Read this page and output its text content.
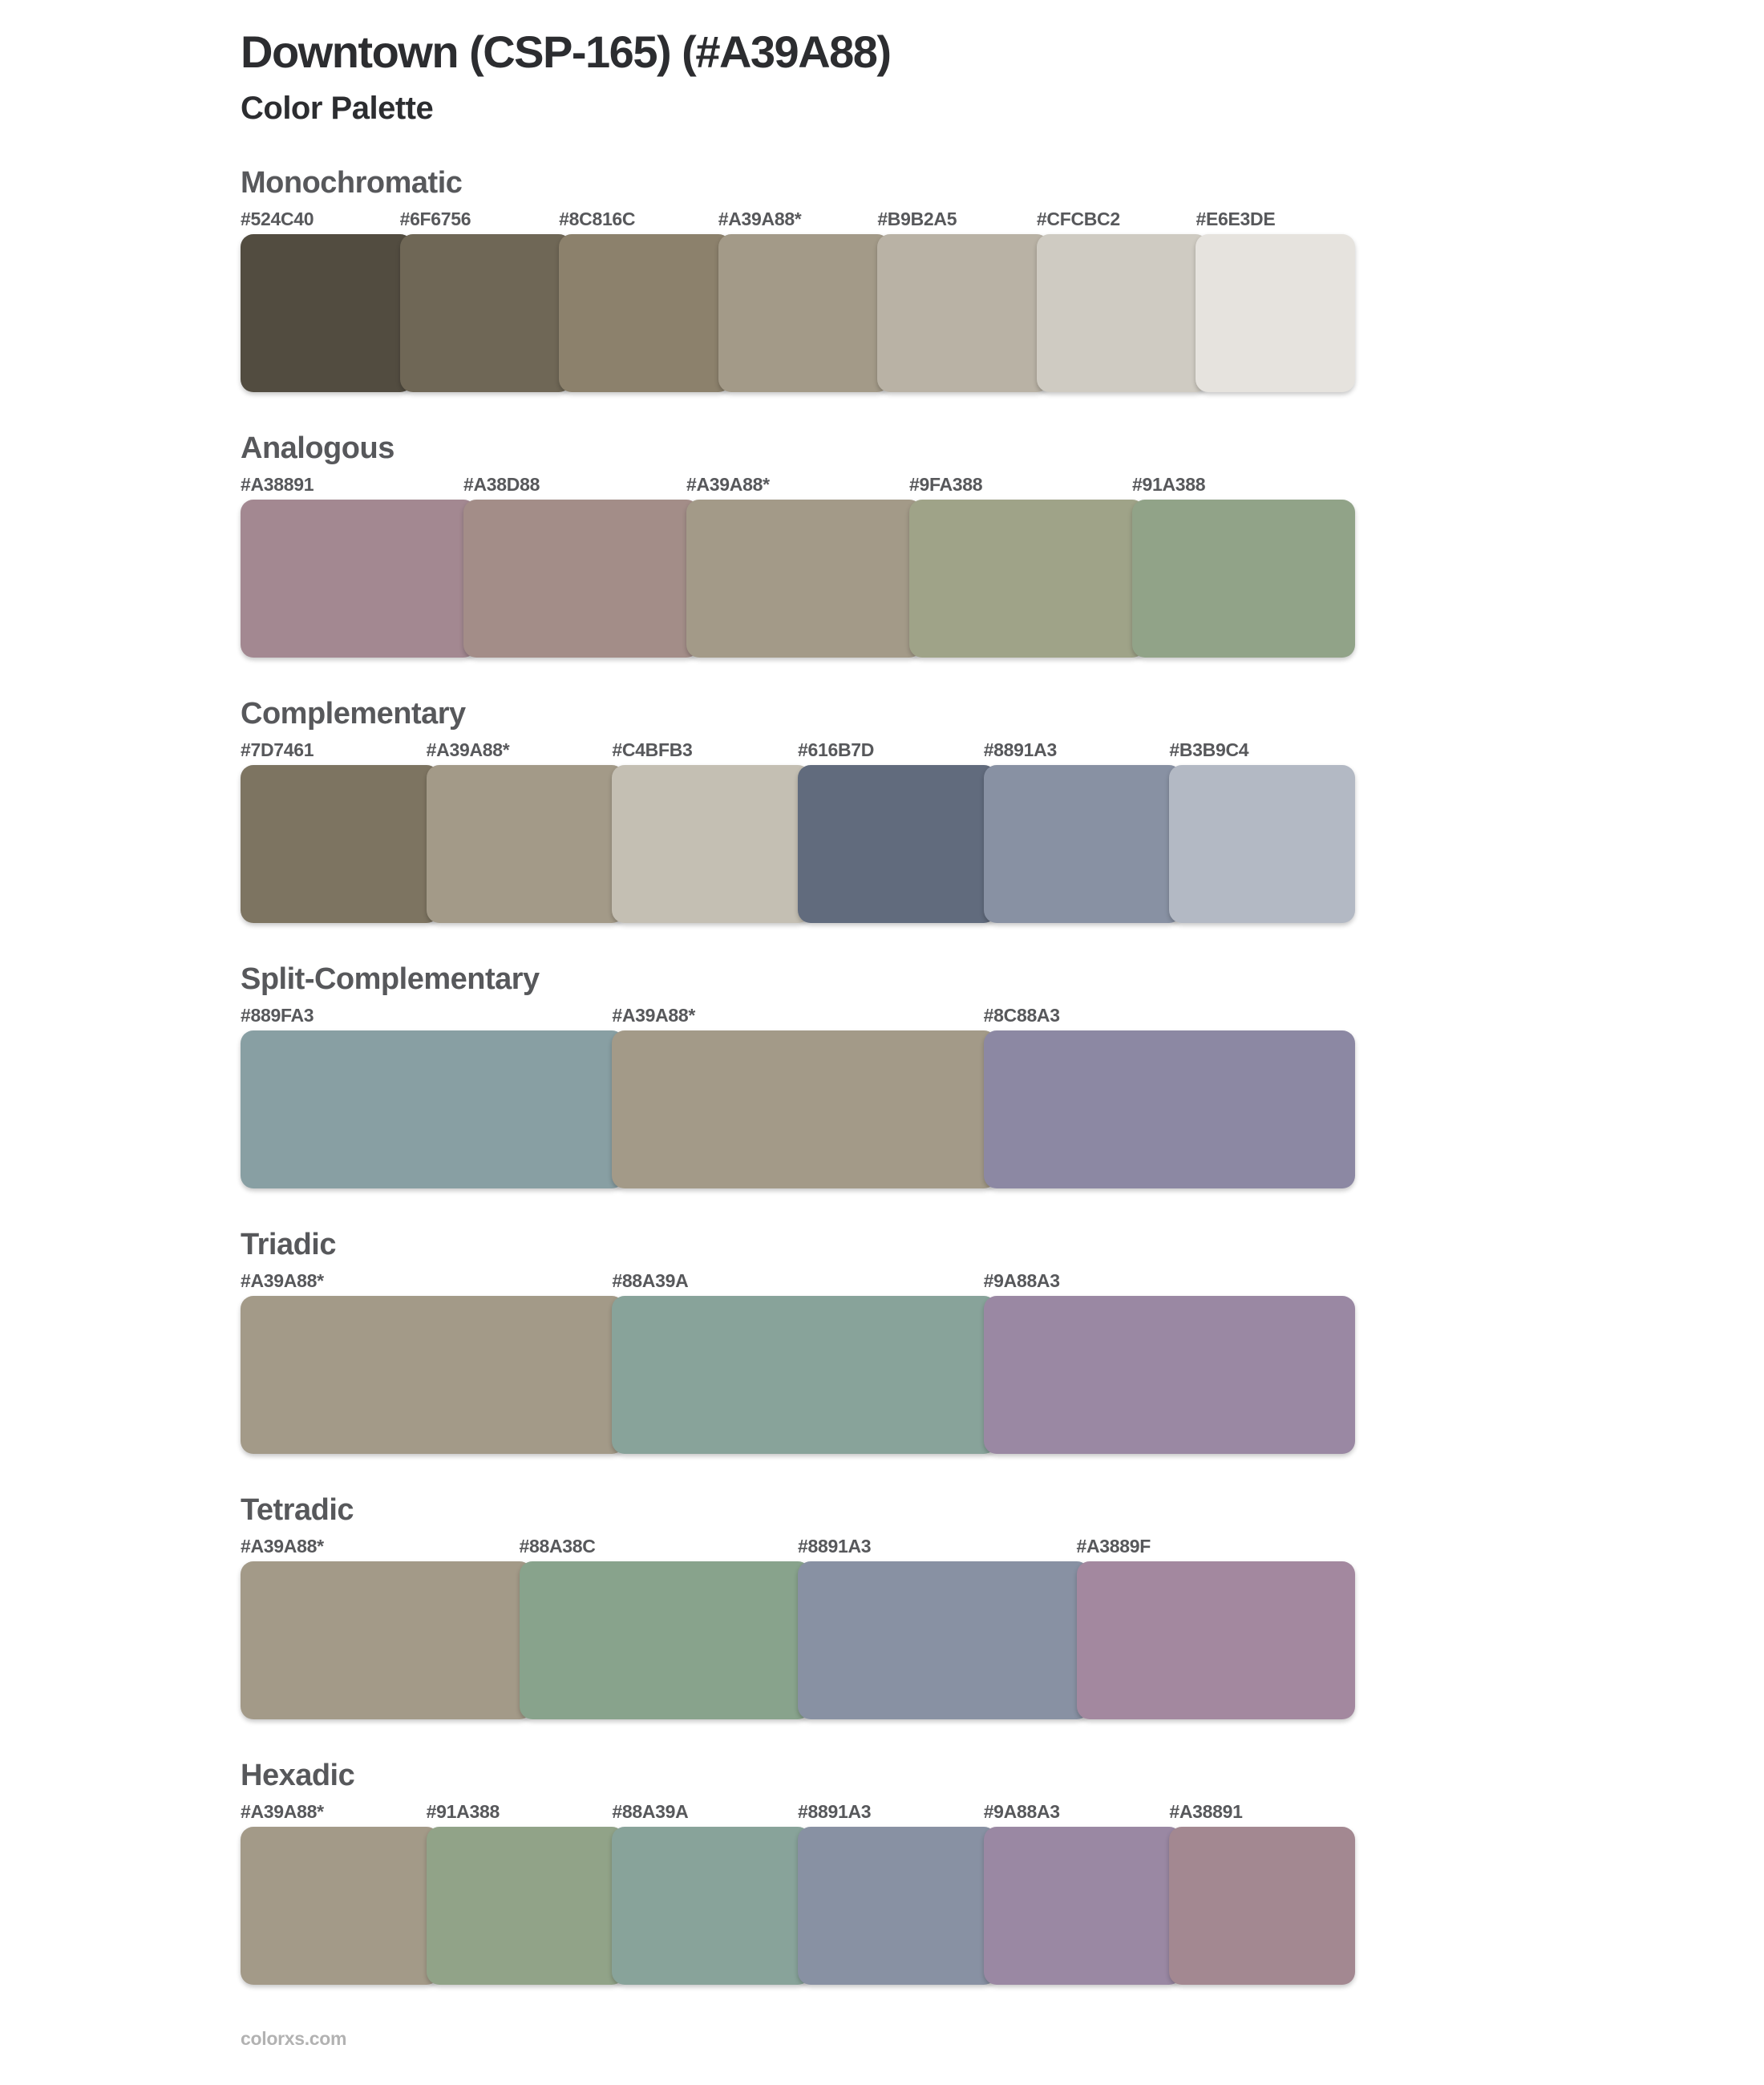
Downtown (CSP-165) (#A39A88)
Color Palette
Monochromatic
#524C40	#6F6756	#8C816C	#A39A88*	#B9B2A5	#CFCBC2	#E6E3DE
Analogous
#A38891	#A38D88	#A39A88*	#9FA388	#91A388
Complementary
#7D7461	#A39A88*	#C4BFB3	#616B7D	#8891A3	#B3B9C4
Split-Complementary
#889FA3	#A39A88*	#8C88A3
Triadic
#A39A88*	#88A39A	#9A88A3
Tetradic
#A39A88*	#88A38C	#8891A3	#A3889F
Hexadic
#A39A88*	#91A388	#88A39A	#8891A3	#9A88A3	#A38891
colorxs.com
